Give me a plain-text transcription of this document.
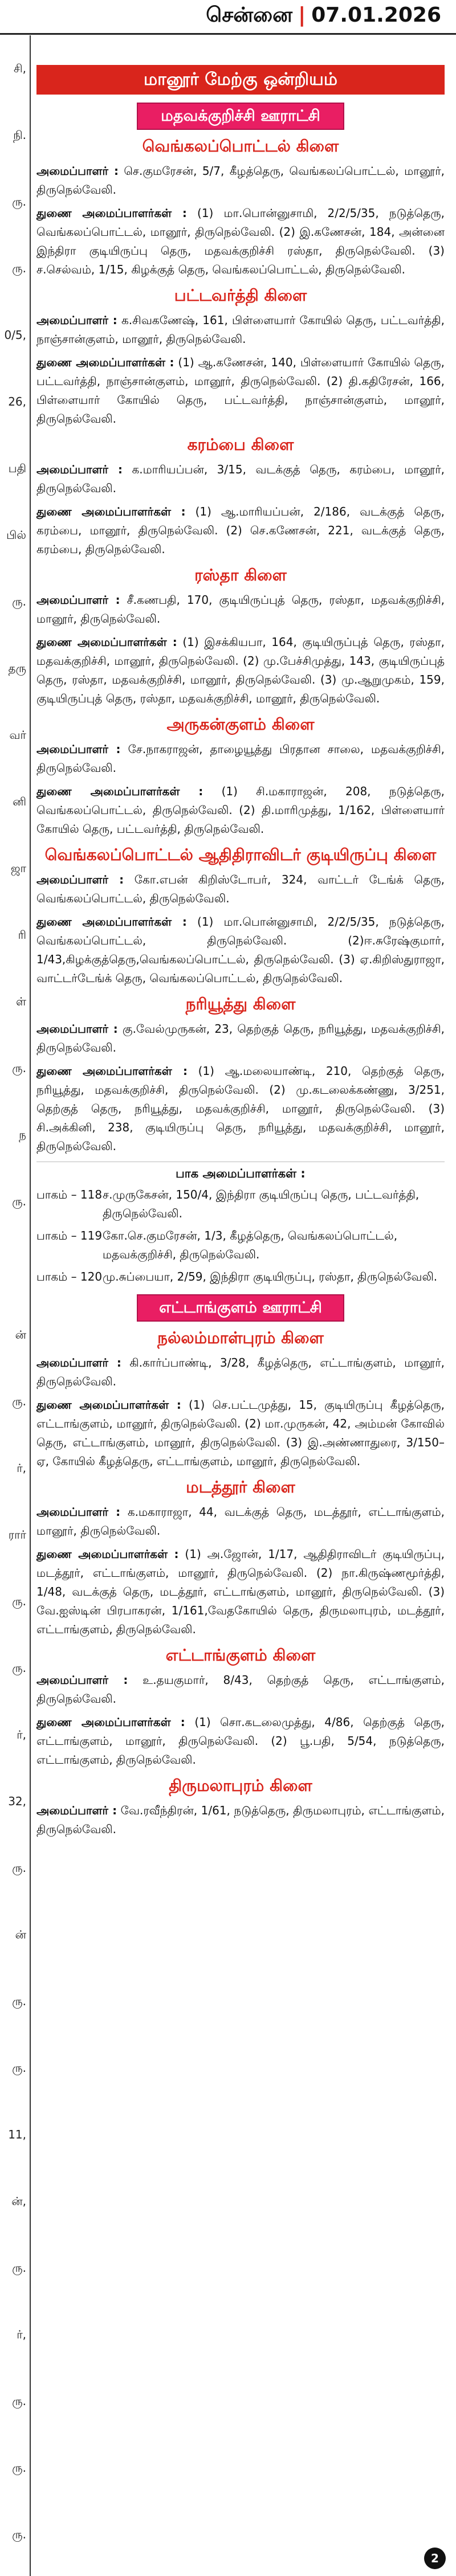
சென்னை | 07.01.2026
சி,
நி.
ரு.
ரு.
0/5,
26,
பதி
பில்
ரு.
தரு
வர்
னி
ஜா
ரி
ள்
ரு.
ந
ரு.
ன்
ரு.
ர்,
ரார்
ரு.
ரு.
ர்,
32,
ரு.
ன்
ரு.
ரு.
11,
ன்,
ரு.
ர்,
ரு.
ரு.
ரு.
மானூர் மேற்கு ஒன்றியம்
மதவக்குறிச்சி ஊராட்சி
வெங்கலப்பொட்டல் கிளை
அமைப்பாளர் : செ.குமரேசன், 5/7, கீழத்தெரு, வெங்கலப்பொட்டல், மானூர், திருநெல்வேலி.
துணை அமைப்பாளர்கள் : (1) மா.பொன்னுசாமி, 2/2/5/35, நடுத்தெரு, வெங்கலப்பொட்டல், மானூர், திருநெல்வேலி. (2) இ.கணேசன், 184, அன்னை இந்திரா குடியிருப்பு தெரு, மதவக்குறிச்சி ரஸ்தா, திருநெல்வேலி. (3) ச.செல்வம், 1/15, கிழக்குத் தெரு, வெங்கலப்பொட்டல், திருநெல்வேலி.
பட்டவர்த்தி கிளை
அமைப்பாளர் : க.சிவகணேஷ், 161, பிள்ளையார் கோயில் தெரு, பட்டவர்த்தி, நாஞ்சான்குளம், மானூர், திருநெல்வேலி.
துணை அமைப்பாளர்கள் : (1) ஆ.கணேசன், 140, பிள்ளையார் கோயில் தெரு, பட்டவர்த்தி, நாஞ்சான்குளம், மானூர், திருநெல்வேலி. (2) தி.கதிரேசன், 166, பிள்ளையார் கோயில் தெரு, பட்டவர்த்தி, நாஞ்சான்குளம், மானூர், திருநெல்வேலி.
கரம்பை கிளை
அமைப்பாளர் : க.மாரியப்பன், 3/15, வடக்குத் தெரு, கரம்பை, மானூர், திருநெல்வேலி.
துணை அமைப்பாளர்கள் : (1) ஆ.மாரியப்பன், 2/186, வடக்குத் தெரு, கரம்பை, மானூர், திருநெல்வேலி. (2) செ.கணேசன், 221, வடக்குத் தெரு, கரம்பை, திருநெல்வேலி.
ரஸ்தா கிளை
அமைப்பாளர் : சீ.கணபதி, 170, குடியிருப்புத் தெரு, ரஸ்தா, மதவக்குறிச்சி, மானூர், திருநெல்வேலி.
துணை அமைப்பாளர்கள் : (1) இசக்கியபா, 164, குடியிருப்புத் தெரு, ரஸ்தா, மதவக்குறிச்சி, மானூர், திருநெல்வேலி. (2) மு.பேச்சிமுத்து, 143, குடியிருப்புத் தெரு, ரஸ்தா, மதவக்குறிச்சி, மானூர், திருநெல்வேலி. (3) மு.ஆறுமுகம், 159, குடியிருப்புத் தெரு, ரஸ்தா, மதவக்குறிச்சி, மானூர், திருநெல்வேலி.
அருகன்குளம் கிளை
அமைப்பாளர் : சே.நாகராஜன், தாழையூத்து பிரதான சாலை, மதவக்குறிச்சி, திருநெல்வேலி.
துணை அமைப்பாளர்கள் : (1) சி.மகாராஜன், 208, நடுத்தெரு, வெங்கலப்பொட்டல், திருநெல்வேலி. (2) தி.மாரிமுத்து, 1/162, பிள்ளையார் கோயில் தெரு, பட்டவர்த்தி, திருநெல்வேலி.
வெங்கலப்பொட்டல் ஆதிதிராவிடர் குடியிருப்பு கிளை
அமைப்பாளர் : கோ.எபன் கிறிஸ்டோபர், 324, வாட்டர் டேங்க் தெரு, வெங்கலப்பொட்டல், திருநெல்வேலி.
துணை அமைப்பாளர்கள் : (1) மா.பொன்னுசாமி, 2/2/5/35, நடுத்தெரு, வெங்கலப்பொட்டல், திருநெல்வேலி. (2)ஈ.சுரேஷ்குமார், 1/43,கிழக்குத்தெரு,வெங்கலப்பொட்டல், திருநெல்வேலி. (3) ஏ.கிறிஸ்துராஜா, வாட்டர்டேங்க் தெரு, வெங்கலப்பொட்டல், திருநெல்வேலி.
நரியூத்து கிளை
அமைப்பாளர் : கு.வேல்முருகன், 23, தெற்குத் தெரு, நரியூத்து, மதவக்குறிச்சி, திருநெல்வேலி.
துணை அமைப்பாளர்கள் : (1) ஆ.மலையாண்டி, 210, தெற்குத் தெரு, நரியூத்து, மதவக்குறிச்சி, திருநெல்வேலி. (2) மு.கடலைக்கண்ணு, 3/251, தெற்குத் தெரு, நரியூத்து, மதவக்குறிச்சி, மானூர், திருநெல்வேலி. (3) சி.அக்கினி, 238, குடியிருப்பு தெரு, நரியூத்து, மதவக்குறிச்சி, மானூர், திருநெல்வேலி.
பாக அமைப்பாளர்கள் :
பாகம் – 118 ச.முருகேசன், 150/4, இந்திரா குடியிருப்பு தெரு, பட்டவர்த்தி, திருநெல்வேலி.
பாகம் – 119 கோ.செ.குமரேசன், 1/3, கீழத்தெரு, வெங்கலப்பொட்டல், மதவக்குறிச்சி, திருநெல்வேலி.
பாகம் – 120 மு.சுப்பையா, 2/59, இந்திரா குடியிருப்பு, ரஸ்தா, திருநெல்வேலி.
எட்டாங்குளம் ஊராட்சி
நல்லம்மாள்புரம் கிளை
அமைப்பாளர் : கி.கார்ப்பாண்டி, 3/28, கீழத்தெரு, எட்டாங்குளம், மானூர், திருநெல்வேலி.
துணை அமைப்பாளர்கள் : (1) செ.பட்டமுத்து, 15, குடியிருப்பு கீழத்தெரு, எட்டாங்குளம், மானூர், திருநெல்வேலி. (2) மா.முருகன், 42, அம்மன் கோவில் தெரு, எட்டாங்குளம், மானூர், திருநெல்வேலி. (3) இ.அண்ணாதுரை, 3/150–ஏ, கோயில் கீழத்தெரு, எட்டாங்குளம், மானூர், திருநெல்வேலி.
மடத்தூர் கிளை
அமைப்பாளர் : க.மகாராஜா, 44, வடக்குத் தெரு, மடத்தூர், எட்டாங்குளம், மானூர், திருநெல்வேலி.
துணை அமைப்பாளர்கள் : (1) அ.ஜோன், 1/17, ஆதிதிராவிடர் குடியிருப்பு, மடத்தூர், எட்டாங்குளம், மானூர், திருநெல்வேலி. (2) நா.கிருஷ்ணமூர்த்தி, 1/48, வடக்குத் தெரு, மடத்தூர், எட்டாங்குளம், மானூர், திருநெல்வேலி. (3) வே.ஐஸ்டின் பிரபாகரன், 1/161,வேதகோயில் தெரு, திருமலாபுரம், மடத்தூர், எட்டாங்குளம், திருநெல்வேலி.
எட்டாங்குளம் கிளை
அமைப்பாளர் : உ.தயகுமார், 8/43, தெற்குத் தெரு, எட்டாங்குளம், திருநெல்வேலி.
துணை அமைப்பாளர்கள் : (1) சொ.கடலைமுத்து, 4/86, தெற்குத் தெரு, எட்டாங்குளம், மானூர், திருநெல்வேலி. (2) பூ.பதி, 5/54, நடுத்தெரு, எட்டாங்குளம், திருநெல்வேலி.
திருமலாபுரம் கிளை
அமைப்பாளர் : வே.ரவீந்திரன், 1/61, நடுத்தெரு, திருமலாபுரம், எட்டாங்குளம், திருநெல்வேலி.
2
